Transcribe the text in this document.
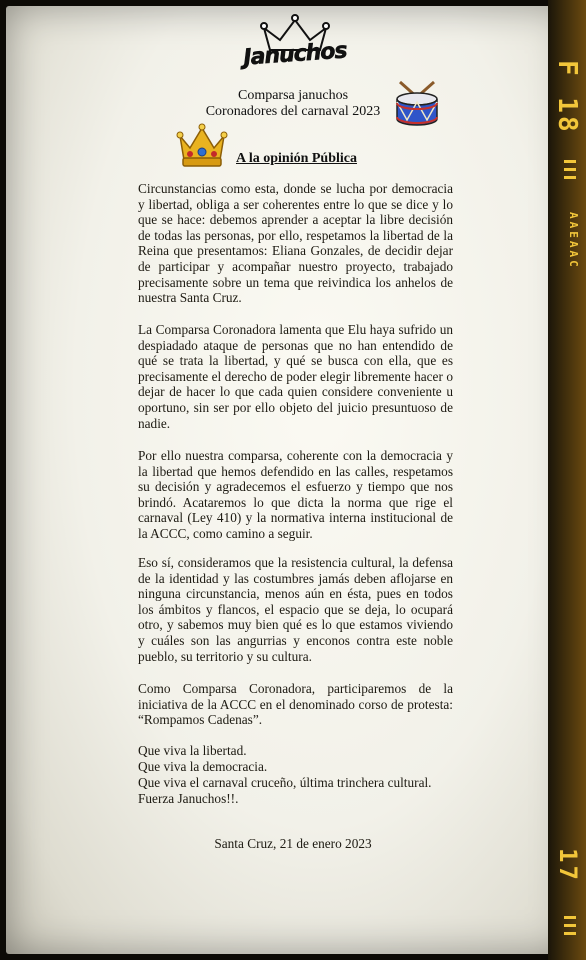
F 18
AAEAAC
17
Januchos
Comparsa januchos
Coronadores del carnaval 2023
A la opinión Pública

Circunstancias como esta, donde se lucha por democracia y libertad, obliga a ser coherentes entre lo que se dice y lo que se hace: debemos aprender a aceptar la libre decisión de todas las personas, por ello, respetamos la libertad de la Reina que presentamos: Eliana Gonzales, de decidir dejar de participar y acompañar nuestro proyecto, trabajado precisamente sobre un tema que reivindica los anhelos de nuestra Santa Cruz.

La Comparsa Coronadora lamenta que Elu haya sufrido un despiadado ataque de personas que no han entendido de qué se trata la libertad, y qué se busca con ella, que es precisamente el derecho de poder elegir libremente hacer o dejar de hacer lo que cada quien considere conveniente u oportuno, sin ser por ello objeto del juicio presuntuoso de nadie.

Por ello nuestra comparsa, coherente con la democracia y la libertad que hemos defendido en las calles, respetamos su decisión y agradecemos el esfuerzo y tiempo que nos brindó. Acataremos lo que dicta la norma que rige el carnaval (Ley 410) y la normativa interna institucional de la ACCC, como camino a seguir.

Eso sí, consideramos que la resistencia cultural, la defensa de la identidad y las costumbres jamás deben aflojarse en ninguna circunstancia, menos aún en ésta, pues en todos los ámbitos y flancos, el espacio que se deja, lo ocupará otro, y sabemos muy bien qué es lo que estamos viviendo y cuáles son las angurrias y enconos contra este noble pueblo, su territorio y su cultura.

Como Comparsa Coronadora, participaremos de la iniciativa de la ACCC en el denominado corso de protesta: “Rompamos Cadenas”.

Que viva la libertad.
Que viva la democracia.
Que viva el carnaval cruceño, última trinchera cultural.
Fuerza Januchos!!.
Santa Cruz, 21 de enero 2023
